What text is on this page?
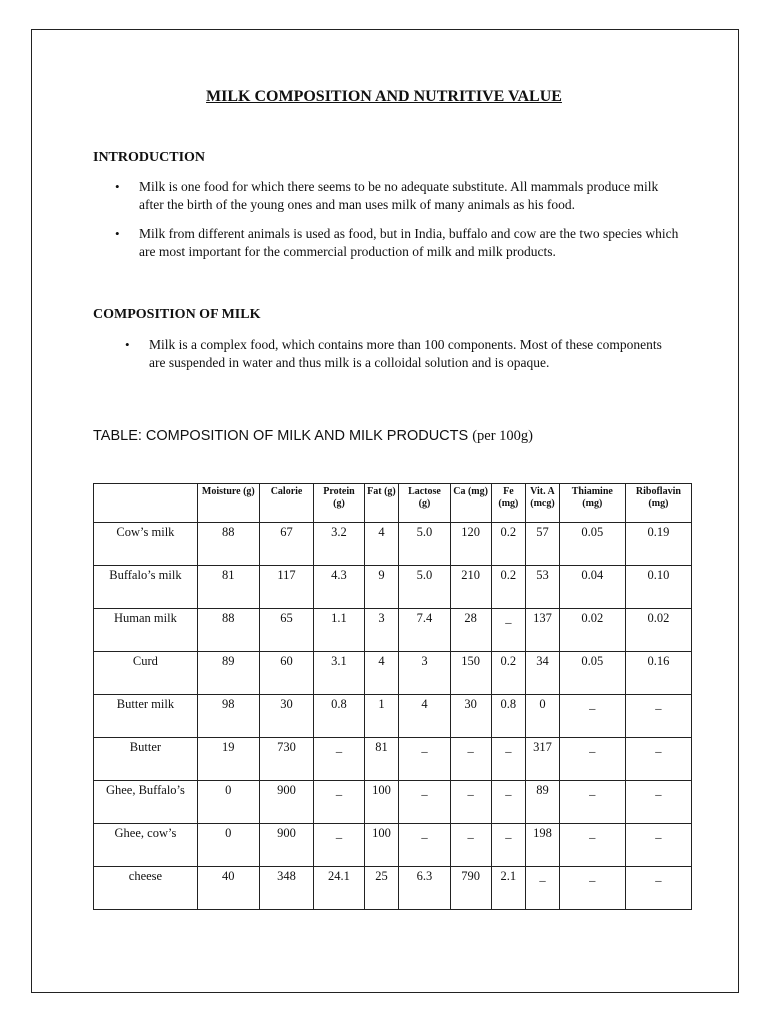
MILK COMPOSITION AND NUTRITIVE VALUE
INTRODUCTION
• Milk is one food for which there seems to be no adequate substitute. All mammals produce milk after the birth of the young ones and man uses milk of many animals as his food.
• Milk from different animals is used as food, but in India, buffalo and cow are the two species which are most important for the commercial production of milk and milk products.
COMPOSITION OF MILK
• Milk is a complex food, which contains more than 100 components. Most of these components are suspended in water and thus milk is a colloidal solution and is opaque.
TABLE: COMPOSITION OF MILK AND MILK PRODUCTS (per 100g)
	Moisture (g)	Calorie	Protein (g)	Fat (g)	Lactose (g)	Ca (mg)	Fe (mg)	Vit. A (mcg)	Thiamine (mg)	Riboflavin (mg)
Cow’s milk	88	67	3.2	4	5.0	120	0.2	57	0.05	0.19
Buffalo’s milk	81	117	4.3	9	5.0	210	0.2	53	0.04	0.10
Human milk	88	65	1.1	3	7.4	28	_	137	0.02	0.02
Curd	89	60	3.1	4	3	150	0.2	34	0.05	0.16
Butter milk	98	30	0.8	1	4	30	0.8	0	_	_
Butter	19	730	_	81	_	_	_	317	_	_
Ghee, Buffalo’s	0	900	_	100	_	_	_	89	_	_
Ghee, cow’s	0	900	_	100	_	_	_	198	_	_
cheese	40	348	24.1	25	6.3	790	2.1	_	_	_
